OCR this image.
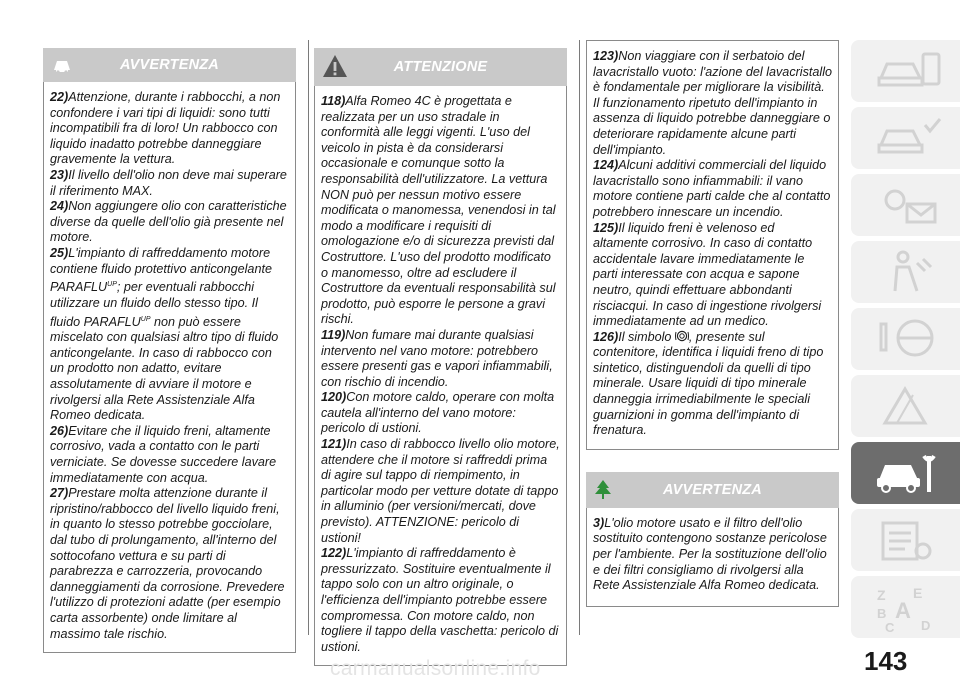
AVVERTENZA

22)Attenzione, durante i rabbocchi, a non confondere i vari tipi di liquidi: sono tutti incompatibili fra di loro! Un rabbocco con liquido inadatto potrebbe danneggiare gravemente la vettura.

23)Il livello dell'olio non deve mai superare il riferimento MAX.

24)Non aggiungere olio con caratteristiche diverse da quelle dell'olio già presente nel motore.

25)L'impianto di raffreddamento motore contiene fluido protettivo anticongelante $PARAFLU^{UP}$; per eventuali rabbocchi utilizzare un fluido dello stesso tipo. Il fluido $PARAFLU^{UP}$ non può essere miscelato con qualsiasi altro tipo di fluido anticongelante. In caso di rabbocco con un prodotto non adatto, evitare assolutamente di avviare il motore e rivolgersi alla Rete Assistenziale Alfa Romeo dedicata.

26)Evitare che il liquido freni, altamente corrosivo, vada a contatto con le parti verniciate. Se dovesse succedere lavare immediatamente con acqua.

27)Prestare molta attenzione durante il ripristino/rabbocco del livello liquido freni, in quanto lo stesso potrebbe gocciolare, dal tubo di prolungamento, all'interno del sottocofano vettura e su parti di parabrezza e carrozzeria, provocando danneggiamenti da corrosione. Prevedere l'utilizzo di protezioni adatte (per esempio carta assorbente) onde limitare al massimo tale rischio.

ATTENZIONE

118)Alfa Romeo 4C è progettata e realizzata per un uso stradale in conformità alle leggi vigenti. L'uso del veicolo in pista è da considerarsi occasionale e comunque sotto la responsabilità dell'utilizzatore. La vettura NON può per nessun motivo essere modificata o manomessa, venendosi in tal modo a modificare i requisiti di omologazione e/o di sicurezza previsti dal Costruttore. L'uso del prodotto modificato o manomesso, oltre ad escludere il Costruttore da eventuali responsabilità sul prodotto, può esporre le persone a gravi rischi.

119)Non fumare mai durante qualsiasi intervento nel vano motore: potrebbero essere presenti gas e vapori infiammabili, con rischio di incendio.

120)Con motore caldo, operare con molta cautela all'interno del vano motore: pericolo di ustioni.

121)In caso di rabbocco livello olio motore, attendere che il motore si raffreddi prima di agire sul tappo di riempimento, in particolar modo per vetture dotate di tappo in alluminio (per versioni/mercati, dove previsto). ATTENZIONE: pericolo di ustioni!

122)L'impianto di raffreddamento è pressurizzato. Sostituire eventualmente il tappo solo con un altro originale, o l'efficienza dell'impianto potrebbe essere compromessa. Con motore caldo, non togliere il tappo della vaschetta: pericolo di ustioni.

123)Non viaggiare con il serbatoio del lavacristallo vuoto: l'azione del lavacristallo è fondamentale per migliorare la visibilità. Il funzionamento ripetuto dell'impianto in assenza di liquido potrebbe danneggiare o deteriorare rapidamente alcune parti dell'impianto.

124)Alcuni additivi commerciali del liquido lavacristallo sono infiammabili: il vano motore contiene parti calde che al contatto potrebbero innescare un incendio.

125)Il liquido freni è velenoso ed altamente corrosivo. In caso di contatto accidentale lavare immediatamente le parti interessate con acqua e sapone neutro, quindi effettuare abbondanti risciacqui. In caso di ingestione rivolgersi immediatamente ad un medico.

126)Il simbolo , presente sul contenitore, identifica i liquidi freno di tipo sintetico, distinguendoli da quelli di tipo minerale. Usare liquidi di tipo minerale danneggia irrimediabilmente le speciali guarnizioni in gomma dell'impianto di frenatura.

AVVERTENZA

3)L'olio motore usato e il filtro dell'olio sostituito contengono sostanze pericolose per l'ambiente. Per la sostituzione dell'olio e dei filtri consigliamo di rivolgersi alla Rete Assistenziale Alfa Romeo dedicata.

Z E
A
B
C D
143
carmanualsonline.info
